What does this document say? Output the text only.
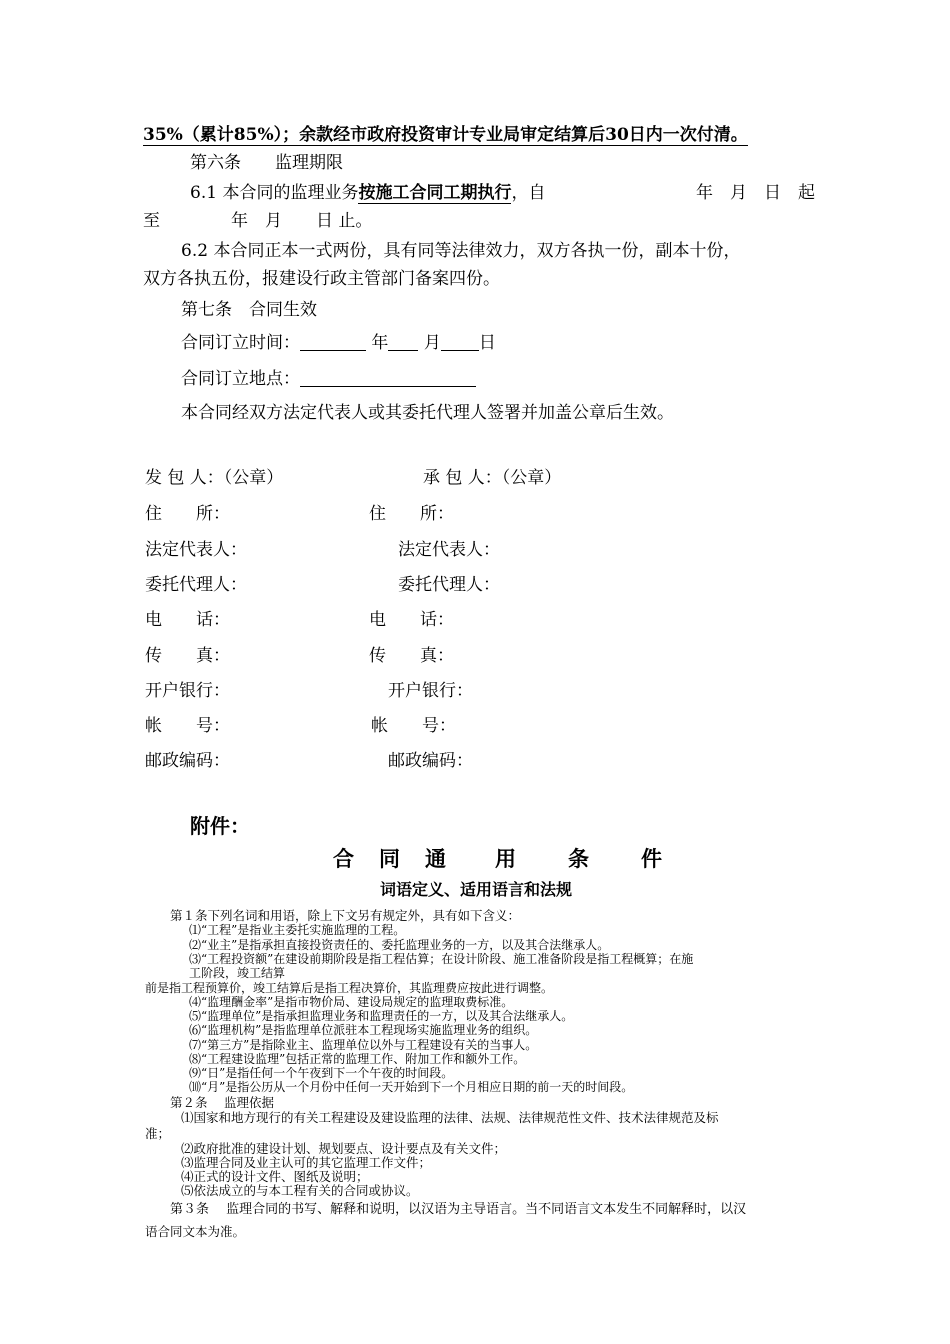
35%（累计85%）；余款经市政府投资审计专业局审定结算后30日内一次付清。
第六条　　监理期限
6.1 本合同的监理业务按施工合同工期执行，自	年　月　日　起
至	年　月　　日 止。
6.2 本合同正本一式两份，具有同等法律效力，双方各执一份，副本十份，
双方各执五份，报建设行政主管部门备案四份。
第七条　合同生效
合同订立时间：	年 月 日
合同订立地点：
本合同经双方法定代表人或其委托代理人签署并加盖公章后生效。
发 包 人：（公章）	承 包 人：（公章）
住　　所：	住　　所：
法定代表人：	法定代表人：
委托代理人：	委托代理人：
电　　话：	电　　话：
传　　真：	传　　真：
开户银行：	开户银行：
帐　　号：	帐　　号：
邮政编码：	邮政编码：
附件：
合 同 通 用 条 件
词语定义、适用语言和法规
第１条下列名词和用语，除上下文另有规定外，具有如下含义：
⑴“工程”是指业主委托实施监理的工程。
⑵“业主”是指承担直接投资责任的、委托监理业务的一方，以及其合法继承人。
⑶“工程投资额”在建设前期阶段是指工程估算；在设计阶段、施工准备阶段是指工程概算；在施
工阶段，竣工结算
前是指工程预算价，竣工结算后是指工程决算价，其监理费应按此进行调整。
⑷“监理酬金率”是指市物价局、建设局规定的监理取费标准。
⑸“监理单位”是指承担监理业务和监理责任的一方，以及其合法继承人。
⑹“监理机构”是指监理单位派驻本工程现场实施监理业务的组织。
⑺“第三方”是指除业主、监理单位以外与工程建设有关的当事人。
⑻“工程建设监理”包括正常的监理工作、附加工作和额外工作。
⑼“日”是指任何一个午夜到下一个午夜的时间段。
⑽“月”是指公历从一个月份中任何一天开始到下一个月相应日期的前一天的时间段。
第２条　 监理依据
⑴国家和地方现行的有关工程建设及建设监理的法律、法规、法律规范性文件、技术法律规范及标
准；
⑵政府批准的建设计划、规划要点、设计要点及有关文件；
⑶监理合同及业主认可的其它监理工作文件；
⑷正式的设计文件、图纸及说明；
⑸依法成立的与本工程有关的合同或协议。
第３条　 监理合同的书写、解释和说明，以汉语为主导语言。当不同语言文本发生不同解释时，以汉
语合同文本为准。
